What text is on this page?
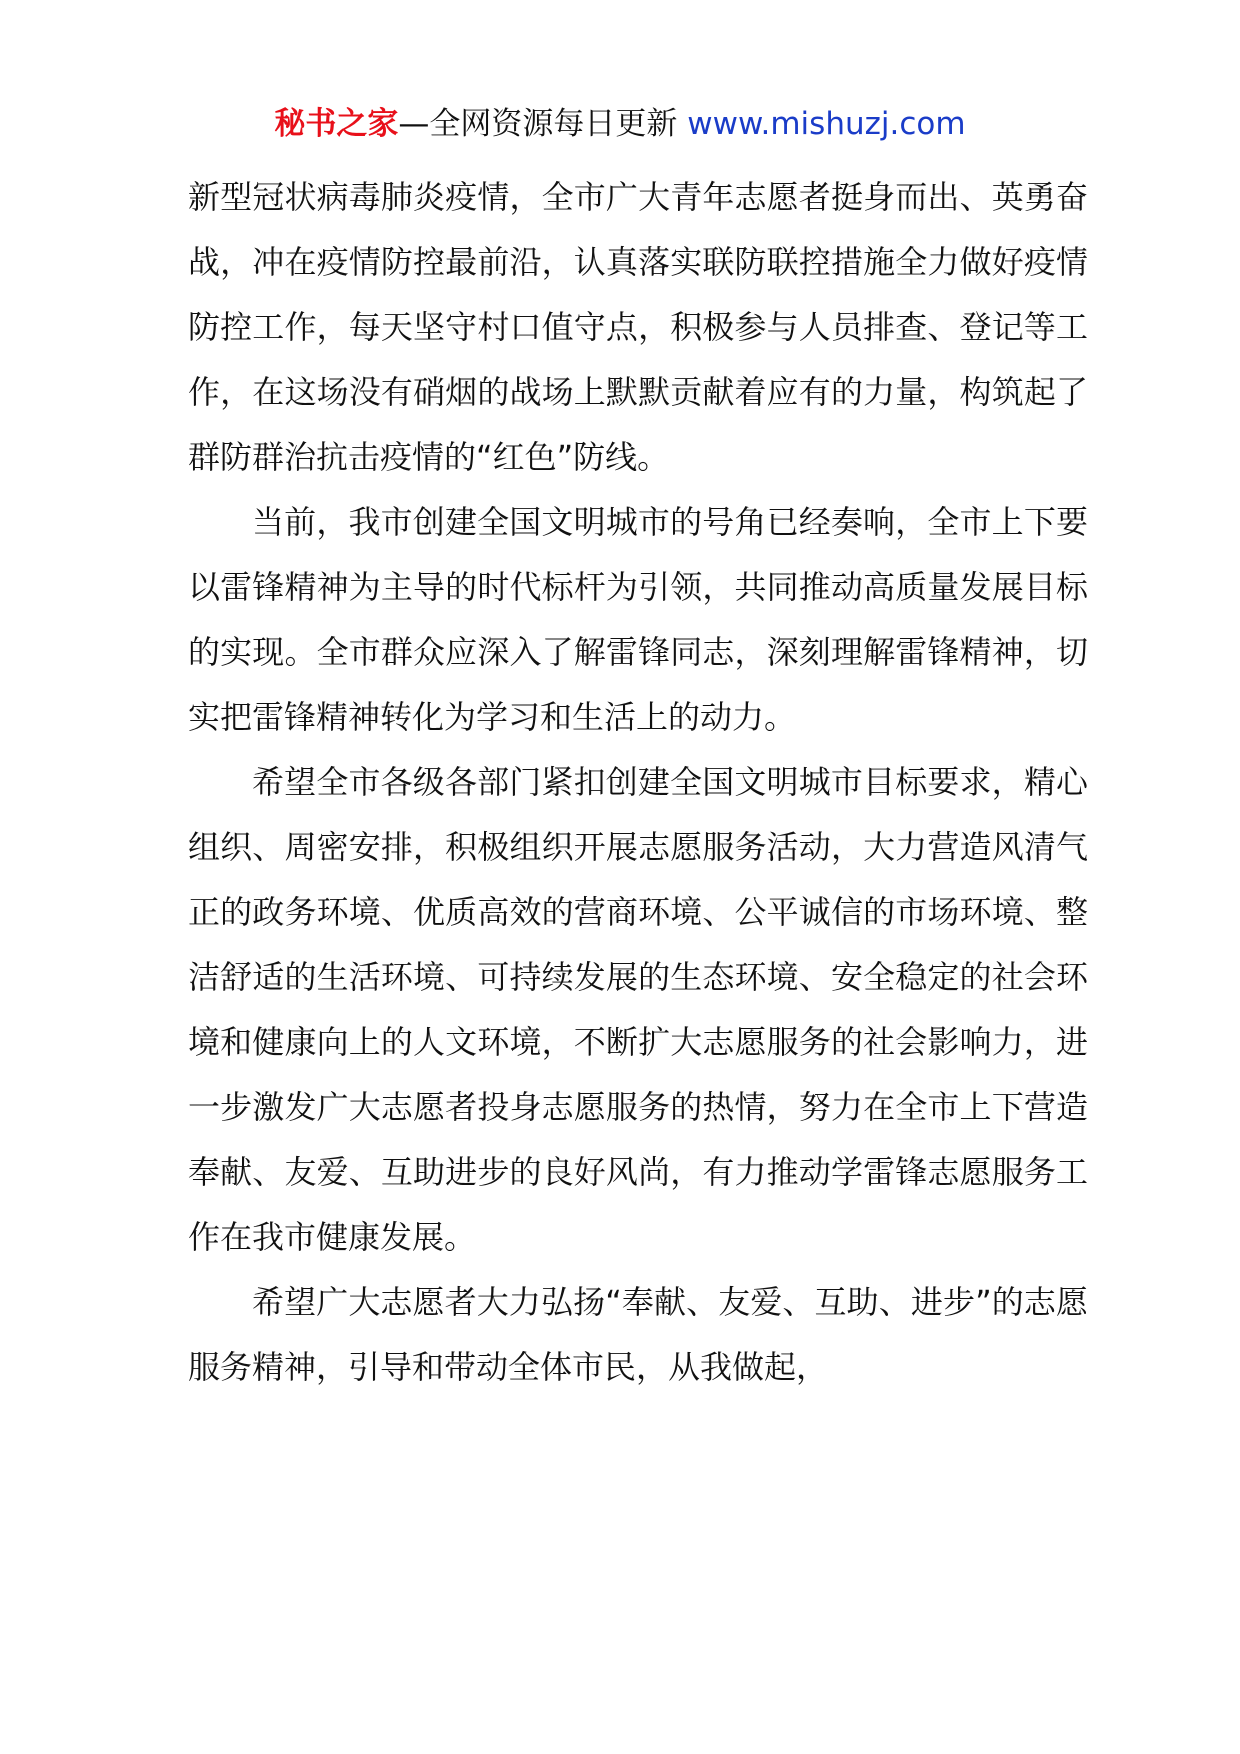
秘书之家—全网资源每日更新 www.mishuzj.com

新型冠状病毒肺炎疫情，全市广大青年志愿者挺身而出、英勇奋战，冲在疫情防控最前沿，认真落实联防联控措施全力做好疫情防控工作，每天坚守村口值守点，积极参与人员排查、登记等工作，在这场没有硝烟的战场上默默贡献着应有的力量，构筑起了群防群治抗击疫情的“红色”防线。

当前，我市创建全国文明城市的号角已经奏响，全市上下要以雷锋精神为主导的时代标杆为引领，共同推动高质量发展目标的实现。全市群众应深入了解雷锋同志，深刻理解雷锋精神，切实把雷锋精神转化为学习和生活上的动力。

希望全市各级各部门紧扣创建全国文明城市目标要求，精心组织、周密安排，积极组织开展志愿服务活动，大力营造风清气正的政务环境、优质高效的营商环境、公平诚信的市场环境、整洁舒适的生活环境、可持续发展的生态环境、安全稳定的社会环境和健康向上的人文环境，不断扩大志愿服务的社会影响力，进一步激发广大志愿者投身志愿服务的热情，努力在全市上下营造奉献、友爱、互助进步的良好风尚，有力推动学雷锋志愿服务工作在我市健康发展。

希望广大志愿者大力弘扬“奉献、友爱、互助、进步”的志愿服务精神，引导和带动全体市民，从我做起，
